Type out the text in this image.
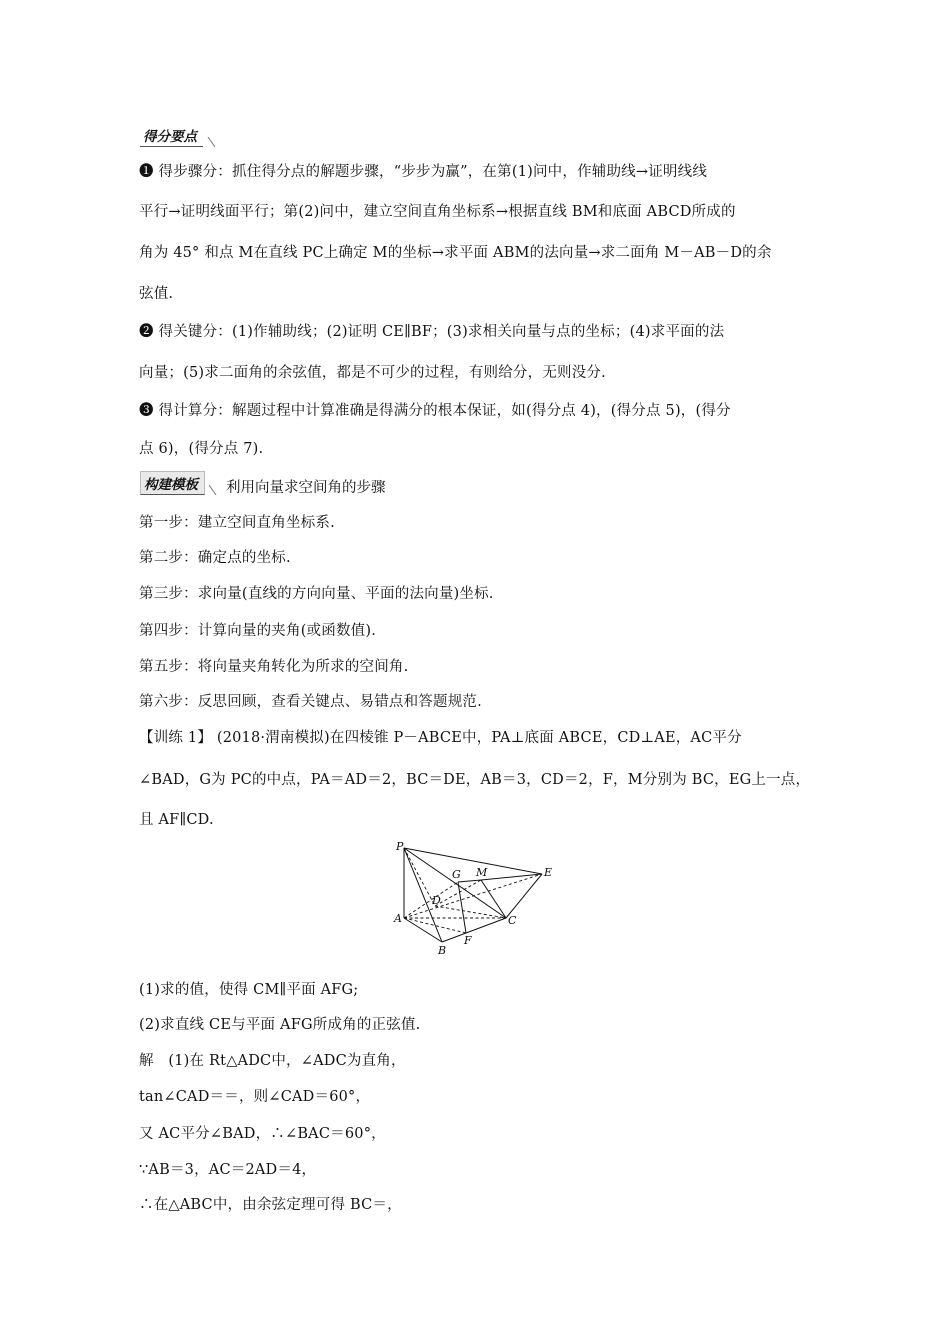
得分要点
❶ 得步骤分：抓住得分点的解题步骤，“步步为赢”，在第(1)问中，作辅助线→证明线线
平行→证明线面平行；第(2)问中，建立空间直角坐标系→根据直线 BM和底面 ABCD所成的
角为 45° 和点 M在直线 PC上确定 M的坐标→求平面 ABM的法向量→求二面角 M－AB－D的余
弦值.
❷ 得关键分：(1)作辅助线；(2)证明 CE∥BF；(3)求相关向量与点的坐标；(4)求平面的法
向量；(5)求二面角的余弦值，都是不可少的过程，有则给分，无则没分.
❸ 得计算分：解题过程中计算准确是得满分的根本保证，如(得分点 4)，(得分点 5)，(得分
点 6)，(得分点 7).
构建模板	利用向量求空间角的步骤
第一步：建立空间直角坐标系.
第二步：确定点的坐标.
第三步：求向量(直线的方向向量、平面的法向量)坐标.
第四步：计算向量的夹角(或函数值).
第五步：将向量夹角转化为所求的空间角.
第六步：反思回顾，查看关键点、易错点和答题规范.
【训练 1】 (2018·渭南模拟)在四棱锥 P－ABCE中，PA⊥底面 ABCE，CD⊥AE，AC平分
∠BAD，G为 PC的中点，PA＝AD＝2，BC＝DE，AB＝3，CD＝2，F，M分别为 BC，EG上一点，
且 AF∥CD.
P
G M	E
D
A	C
F
B
(1)求的值，使得 CM∥平面 AFG;
(2)求直线 CE与平面 AFG所成角的正弦值.
解　(1)在 Rt△ADC中，∠ADC为直角，
tan∠CAD＝＝，则∠CAD＝60°，
又 AC平分∠BAD，∴∠BAC＝60°，
∵AB＝3，AC＝2AD＝4，
∴在△ABC中，由余弦定理可得 BC＝，
